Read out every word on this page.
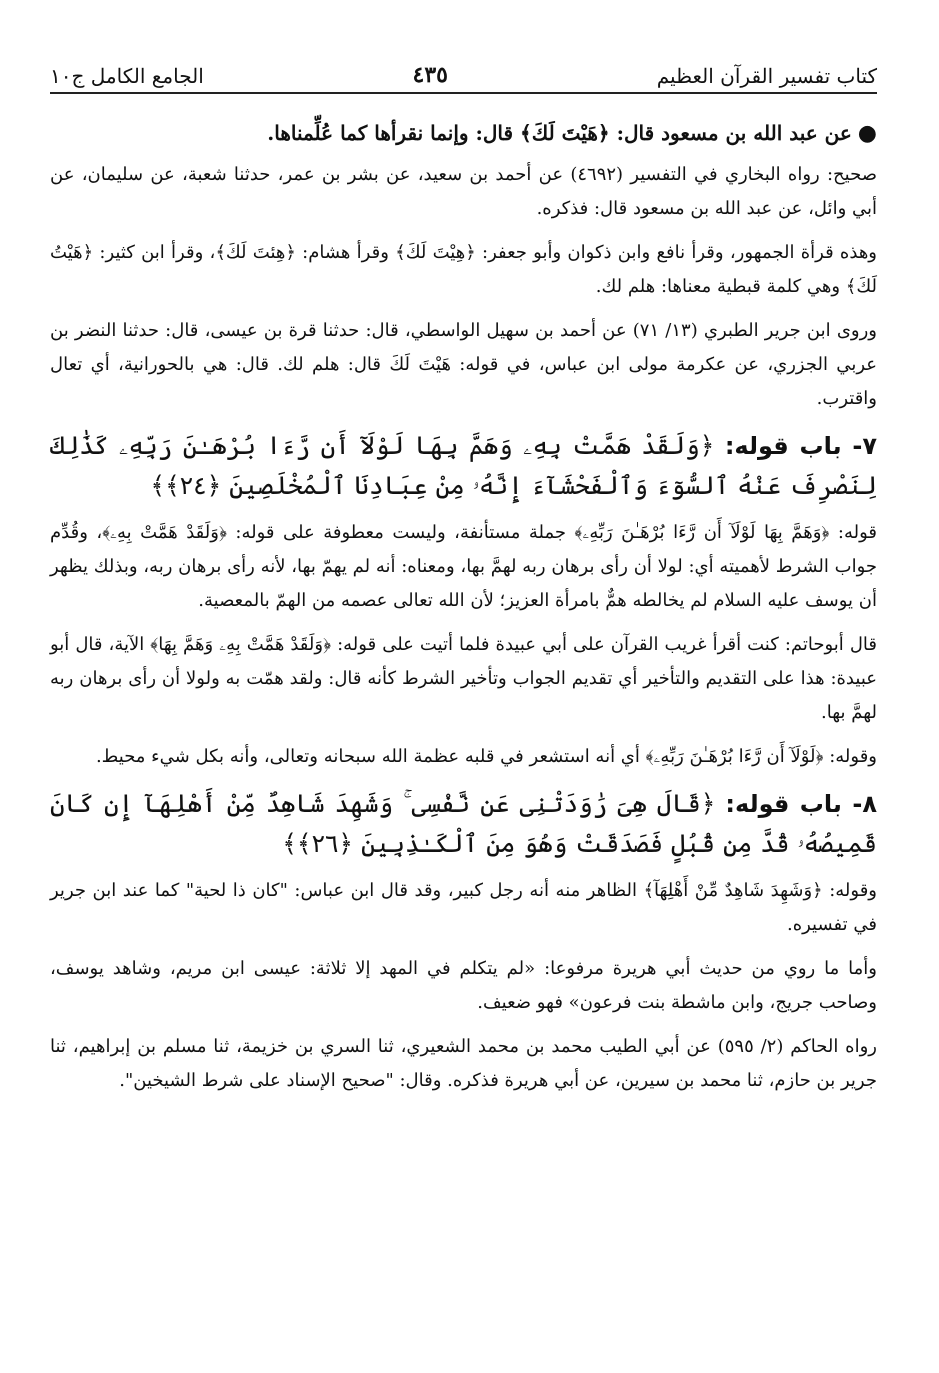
كتاب تفسير القرآن العظيم
٤٣٥
الجامع الكامل ج١٠

●عن عبد الله بن مسعود قال: ﴿هَيْتَ لَكَ﴾ قال: وإنما نقرأها كما عُلِّمناها.

صحيح: رواه البخاري في التفسير (٤٦٩٢) عن أحمد بن سعيد، عن بشر بن عمر، حدثنا شعبة، عن سليمان، عن أبي وائل، عن عبد الله بن مسعود قال: فذكره.

وهذه قرأة الجمهور، وقرأ نافع وابن ذكوان وأبو جعفر: ﴿هِيْتَ لَكَ﴾ وقرأ هشام: ﴿هِئتَ لَكَ﴾، وقرأ ابن كثير: ﴿هَيْتُ لَكَ﴾ وهي كلمة قبطية معناها: هلم لك.

وروى ابن جرير الطبري (١٣/ ٧١) عن أحمد بن سهيل الواسطي، قال: حدثنا قرة بن عيسى، قال: حدثنا النضر بن عربي الجزري، عن عكرمة مولى ابن عباس، في قوله: هَيْتَ لَكَ قال: هلم لك. قال: هي بالحورانية، أي تعال واقترب.

٧- باب قوله: ﴿وَلَقَدْ هَمَّتْ بِهِۦ وَهَمَّ بِهَا لَوْلَآ أَن رَّءَا بُرْهَـٰنَ رَبِّهِۦ كَذَٰلِكَ لِنَصْرِفَ عَنْهُ ٱلسُّوٓءَ وَٱلْفَحْشَآءَ إِنَّهُۥ مِنْ عِبَادِنَا ٱلْمُخْلَصِينَ ﴿٢٤﴾﴾

قوله: ﴿وَهَمَّ بِهَا لَوْلَآ أَن رَّءَا بُرْهَـٰنَ رَبِّهِۦ﴾ جملة مستأنفة، وليست معطوفة على قوله: ﴿وَلَقَدْ هَمَّتْ بِهِۦ﴾، وقُدِّم جواب الشرط لأهميته أي: لولا أن رأى برهان ربه لهمَّ بها، ومعناه: أنه لم يهمّ بها، لأنه رأى برهان ربه، وبذلك يظهر أن يوسف عليه السلام لم يخالطه همٌّ بامرأة العزيز؛ لأن الله تعالى عصمه من الهمّ بالمعصية.

قال أبوحاتم: كنت أقرأ غريب القرآن على أبي عبيدة فلما أتيت على قوله: ﴿وَلَقَدْ هَمَّتْ بِهِۦ وَهَمَّ بِهَا﴾ الآية، قال أبو عبيدة: هذا على التقديم والتأخير أي تقديم الجواب وتأخير الشرط كأنه قال: ولقد همّت به ولولا أن رأى برهان ربه لهمَّ بها.

وقوله: ﴿لَوْلَآ أَن رَّءَا بُرْهَـٰنَ رَبِّهِۦ﴾ أي أنه استشعر في قلبه عظمة الله سبحانه وتعالى، وأنه بكل شيء محيط.

٨- باب قوله: ﴿قَالَ هِىَ رَٰوَدَتْنِى عَن نَّفْسِى ۚ وَشَهِدَ شَاهِدٌ مِّنْ أَهْلِهَآ إِن كَانَ قَمِيصُهُۥ قُدَّ مِن قُبُلٍ فَصَدَقَتْ وَهُوَ مِنَ ٱلْكَـٰذِبِينَ ﴿٢٦﴾﴾

وقوله: ﴿وَشَهِدَ شَاهِدٌ مِّنْ أَهْلِهَآ﴾ الظاهر منه أنه رجل كبير، وقد قال ابن عباس: "كان ذا لحية" كما عند ابن جرير في تفسيره.

وأما ما روي من حديث أبي هريرة مرفوعا: «لم يتكلم في المهد إلا ثلاثة: عيسى ابن مريم، وشاهد يوسف، وصاحب جريج، وابن ماشطة بنت فرعون» فهو ضعيف.

رواه الحاكم (٢/ ٥٩٥) عن أبي الطيب محمد بن محمد الشعيري، ثنا السري بن خزيمة، ثنا مسلم بن إبراهيم، ثنا جرير بن حازم، ثنا محمد بن سيرين، عن أبي هريرة فذكره. وقال: "صحيح الإسناد على شرط الشيخين".
